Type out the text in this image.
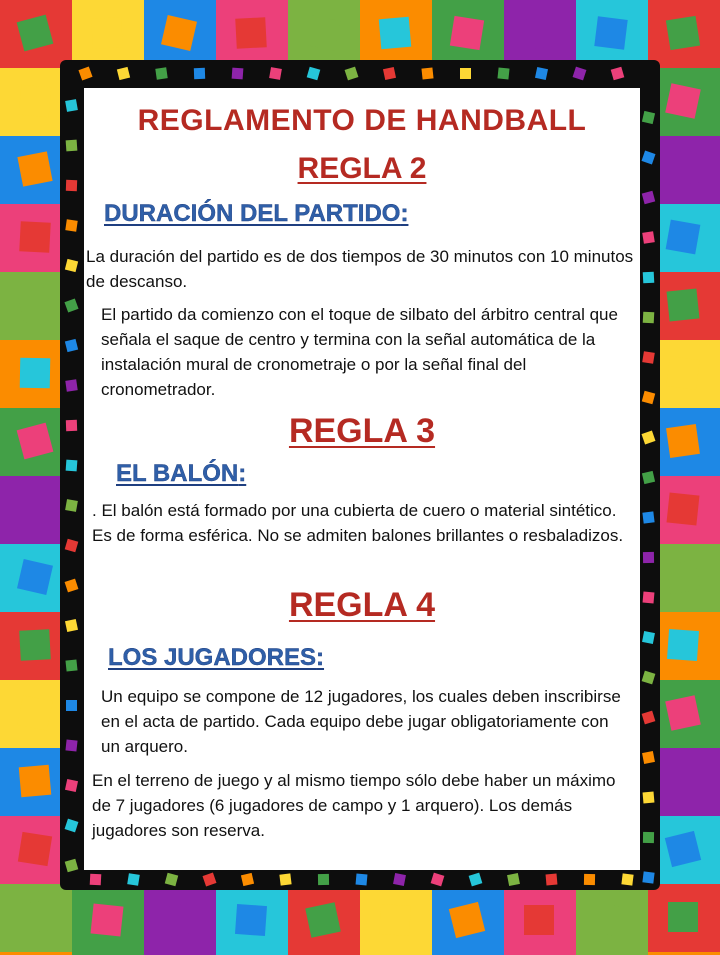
REGLAMENTO DE HANDBALL
REGLA 2
DURACIÓN DEL PARTIDO:

La duración del partido es de dos tiempos de 30 minutos con 10 minutos de descanso.

El partido da comienzo con el toque de silbato del árbitro central que señala el saque de centro y termina con la señal automática de la instalación mural de cronometraje o por la señal final del cronometrador.

REGLA 3
EL BALÓN:

. El balón está formado por una cubierta de cuero o material sintético. Es de forma esférica. No se admiten balones brillantes o resbaladizos.

REGLA 4
LOS JUGADORES:

Un equipo se compone de 12 jugadores, los cuales deben inscribirse en el acta de partido. Cada equipo debe jugar obligatoriamente con un arquero.

En el terreno de juego y al mismo tiempo sólo debe haber un máximo de 7 jugadores (6 jugadores de campo y 1 arquero). Los demás jugadores son reserva.
